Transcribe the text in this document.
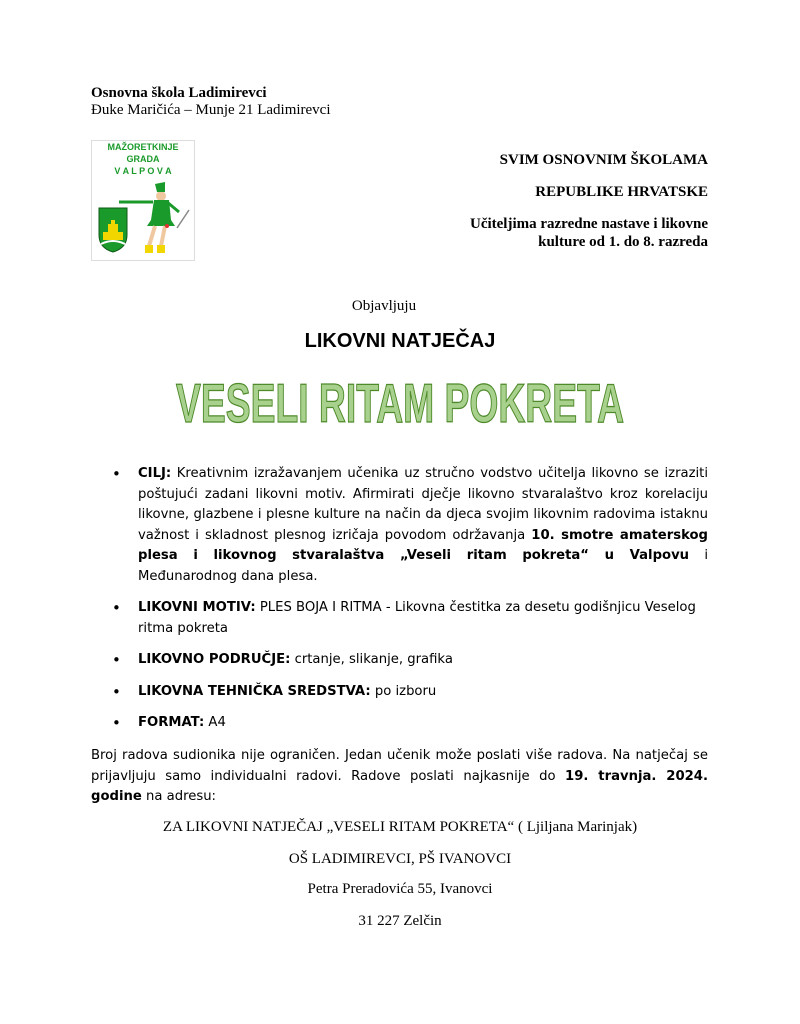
Osnovna škola Ladimirevci
Đuke Maričića – Munje 21 Ladimirevci
MAŽORETKINJE
GRADA
V A L P O V A
SVIM OSNOVNIM ŠKOLAMA
REPUBLIKE HRVATSKE
Učiteljima razredne nastave i likovne kulture od 1. do 8. razreda
Objavljuju
LIKOVNI NATJEČAJ
VESELI RITAM POKRETA
• CILJ: Kreativnim izražavanjem učenika uz stručno vodstvo učitelja likovno se izraziti poštujući zadani likovni motiv. Afirmirati dječje likovno stvaralaštvo kroz korelaciju likovne, glazbene i plesne kulture na način da djeca svojim likovnim radovima istaknu važnost i skladnost plesnog izričaja povodom održavanja 10. smotre amaterskog plesa i likovnog stvaralaštva „Veseli ritam pokreta“ u Valpovu i Međunarodnog dana plesa.
• LIKOVNI MOTIV: PLES BOJA I RITMA - Likovna čestitka za desetu godišnjicu Veselog ritma pokreta
• LIKOVNO PODRUČJE: crtanje, slikanje, grafika
• LIKOVNA TEHNIČKA SREDSTVA: po izboru
• FORMAT: A4

Broj radova sudionika nije ograničen. Jedan učenik može poslati više radova. Na natječaj se prijavljuju samo individualni radovi. Radove poslati najkasnije do 19. travnja. 2024. godine na adresu:

ZA LIKOVNI NATJEČAJ „VESELI RITAM POKRETA“ ( Ljiljana Marinjak)
OŠ LADIMIREVCI, PŠ IVANOVCI
Petra Preradovića 55, Ivanovci
31 227 Zelčin
